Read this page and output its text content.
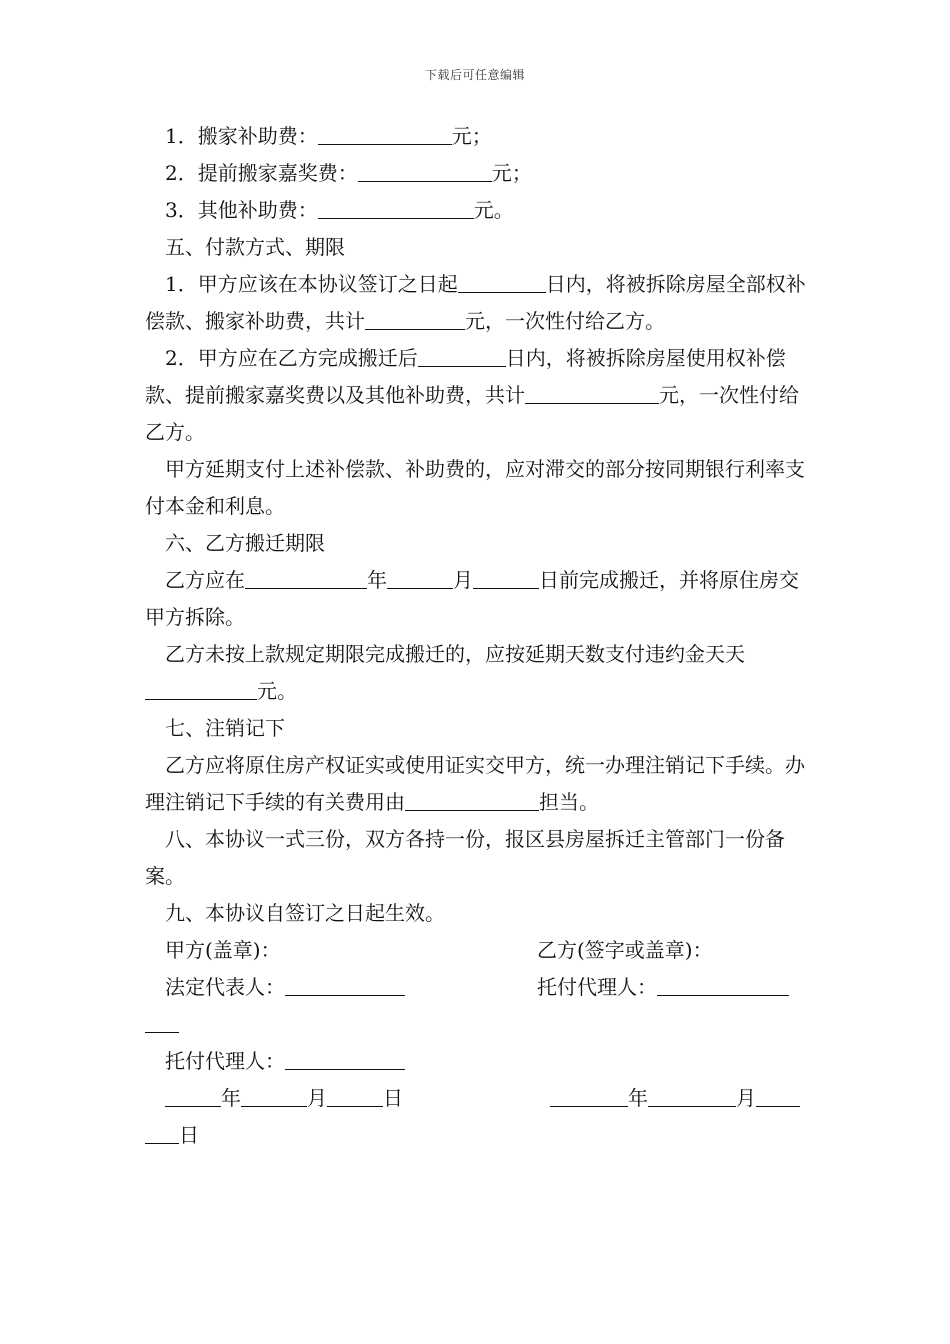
下载后可任意编辑

1．搬家补助费：	元；

2．提前搬家嘉奖费：	元；

3．其他补助费：	元。

五、付款方式、期限

1．甲方应该在本协议签订之日起	日内，将被拆除房屋全部权补偿款、搬家补助费，共计	元，一次性付给乙方。

2．甲方应在乙方完成搬迁后	日内，将被拆除房屋使用权补偿款、提前搬家嘉奖费以及其他补助费，共计	元，一次性付给乙方。

甲方延期支付上述补偿款、补助费的，应对滞交的部分按同期银行利率支付本金和利息。

六、乙方搬迁期限

乙方应在	年	月	日前完成搬迁，并将原住房交甲方拆除。

乙方未按上款规定期限完成搬迁的，应按延期天数支付违约金天天元。

七、注销记下

乙方应将原住房产权证实或使用证实交甲方，统一办理注销记下手续。办理注销记下手续的有关费用由	担当。

八、本协议一式三份，双方各持一份，报区县房屋拆迁主管部门一份备案。

九、本协议自签订之日起生效。

甲方(盖章)：	乙方(签字或盖章)：
法定代表人：	托付代理人：
托付代理人：
年	月	日	年	月
日
